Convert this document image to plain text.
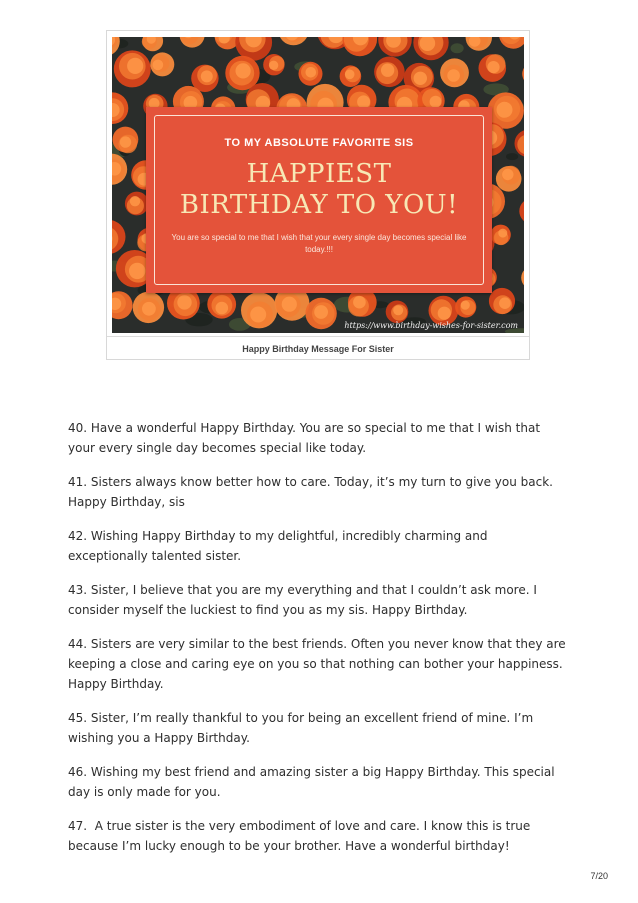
TO MY ABSOLUTE FAVORITE SIS
HAPPIEST
BIRTHDAY TO YOU!
You are so special to me that I wish that your every single day becomes special like today.!!!
https://www.birthday-wishes-for-sister.com
Happy Birthday Message For Sister
40. Have a wonderful Happy Birthday. You are so special to me that I wish that your every single day becomes special like today.
41. Sisters always know better how to care. Today, it’s my turn to give you back. Happy Birthday, sis
42. Wishing Happy Birthday to my delightful, incredibly charming and exceptionally talented sister.
43. Sister, I believe that you are my everything and that I couldn’t ask more. I consider myself the luckiest to find you as my sis. Happy Birthday.
44. Sisters are very similar to the best friends. Often you never know that they are keeping a close and caring eye on you so that nothing can bother your happiness. Happy Birthday.
45. Sister, I’m really thankful to you for being an excellent friend of mine. I’m wishing you a Happy Birthday.
46. Wishing my best friend and amazing sister a big Happy Birthday. This special day is only made for you.
47.  A true sister is the very embodiment of love and care. I know this is true because I’m lucky enough to be your brother. Have a wonderful birthday!
7/20
